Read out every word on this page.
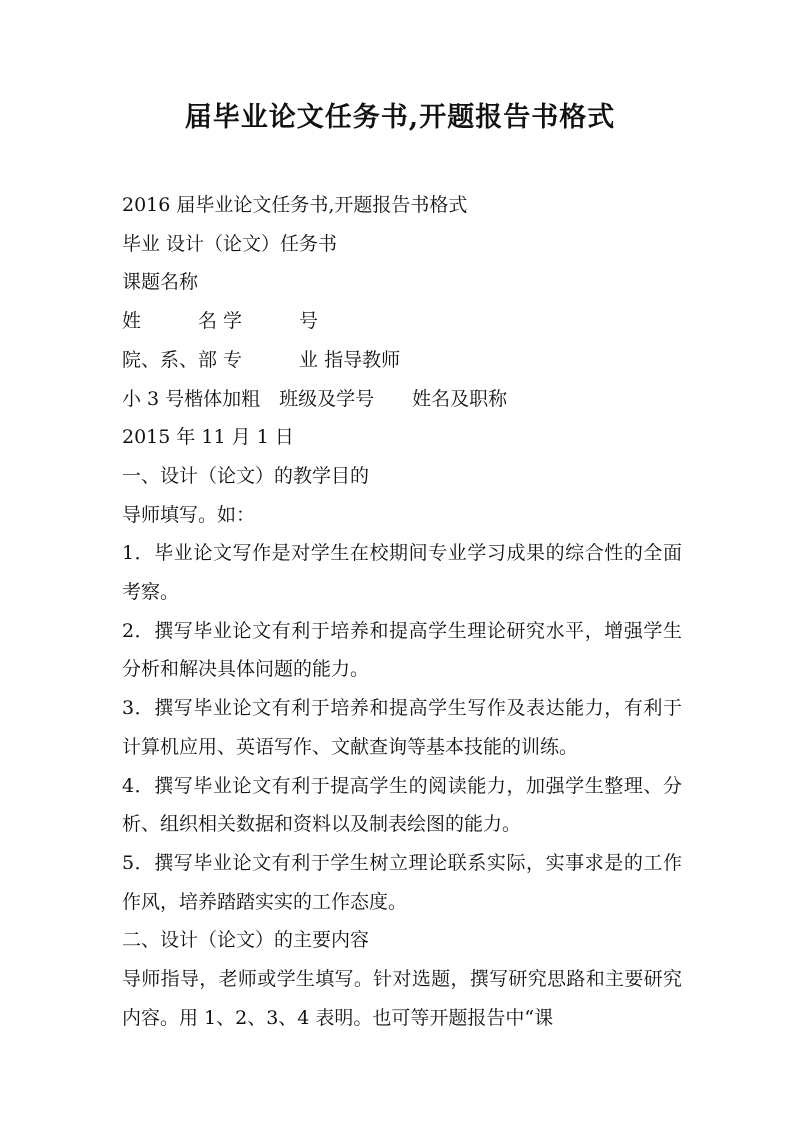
届毕业论文任务书,开题报告书格式
2016 届毕业论文任务书,开题报告书格式
毕业 设计（论文）任务书
课题名称
姓　　　名 学　　　号
院、系、部 专　　　业 指导教师
小 3 号楷体加粗　班级及学号　　姓名及职称
2015 年 11 月 1 日
一、设计（论文）的教学目的
导师填写。如：

1．毕业论文写作是对学生在校期间专业学习成果的综合性的全面考察。

2．撰写毕业论文有利于培养和提高学生理论研究水平，增强学生分析和解决具体问题的能力。

3．撰写毕业论文有利于培养和提高学生写作及表达能力，有利于计算机应用、英语写作、文献查询等基本技能的训练。

4．撰写毕业论文有利于提高学生的阅读能力，加强学生整理、分析、组织相关数据和资料以及制表绘图的能力。

5．撰写毕业论文有利于学生树立理论联系实际，实事求是的工作作风，培养踏踏实实的工作态度。

二、设计（论文）的主要内容

导师指导，老师或学生填写。针对选题，撰写研究思路和主要研究内容。用 1、2、3、4 表明。也可等开题报告中“课
